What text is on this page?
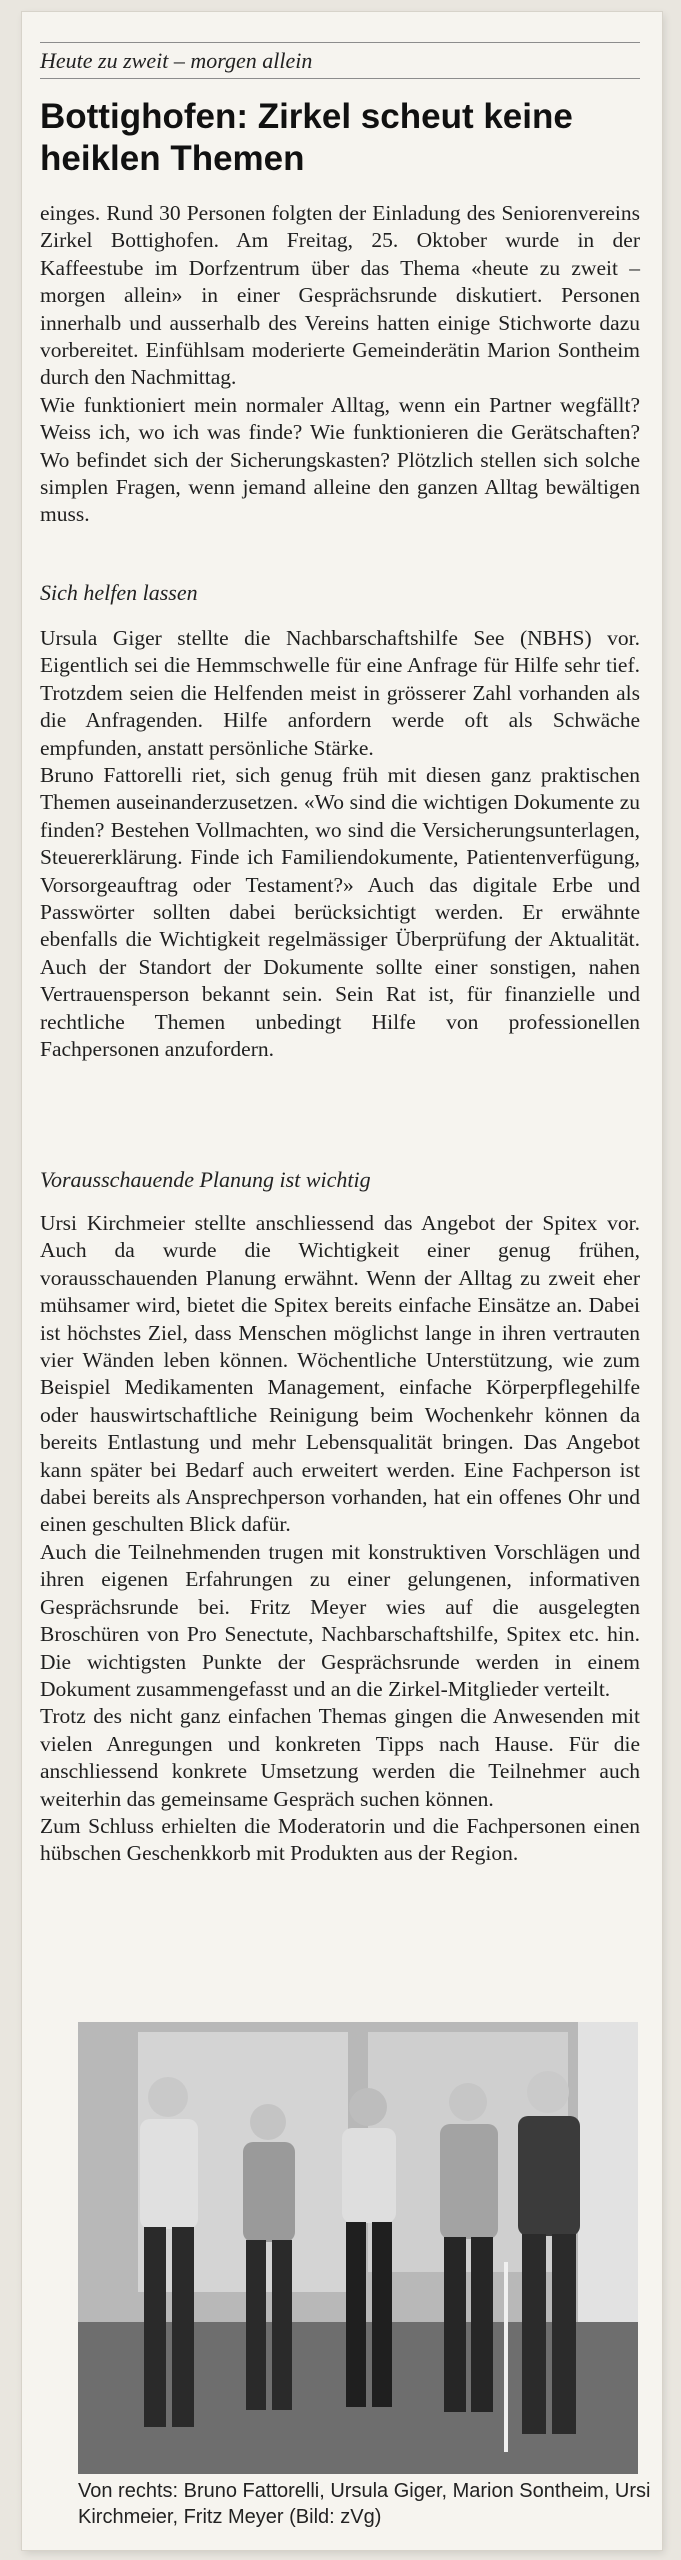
Heute zu zweit – morgen allein
Bottighofen: Zirkel scheut keine heiklen Themen

einges. Rund 30 Personen folgten der Einladung des Seniorenvereins Zirkel Bottighofen. Am Freitag, 25. Oktober wurde in der Kaffeestube im Dorfzentrum über das Thema «heute zu zweit – morgen allein» in einer Gesprächsrunde diskutiert. Personen innerhalb und ausserhalb des Vereins hatten einige Stichworte dazu vorbereitet. Einfühlsam moderierte Gemeinderätin Marion Sontheim durch den Nachmittag.

Wie funktioniert mein normaler Alltag, wenn ein Partner wegfällt? Weiss ich, wo ich was finde? Wie funktionieren die Gerätschaften? Wo befindet sich der Sicherungskasten? Plötzlich stellen sich solche simplen Fragen, wenn jemand alleine den ganzen Alltag bewältigen muss.

Sich helfen lassen

Ursula Giger stellte die Nachbarschaftshilfe See (NBHS) vor. Eigentlich sei die Hemmschwelle für eine Anfrage für Hilfe sehr tief. Trotzdem seien die Helfenden meist in grösserer Zahl vorhanden als die Anfragenden. Hilfe anfordern werde oft als Schwäche empfunden, anstatt persönliche Stärke.

Bruno Fattorelli riet, sich genug früh mit diesen ganz praktischen Themen auseinanderzusetzen. «Wo sind die wichtigen Dokumente zu finden? Bestehen Vollmachten, wo sind die Versicherungsunterlagen, Steuererklärung. Finde ich Familiendokumente, Patientenverfügung, Vorsorgeauftrag oder Testament?» Auch das digitale Erbe und Passwörter sollten dabei berücksichtigt werden. Er erwähnte ebenfalls die Wichtigkeit regelmässiger Überprüfung der Aktualität. Auch der Standort der Dokumente sollte einer sonstigen, nahen Vertrauensperson bekannt sein. Sein Rat ist, für finanzielle und rechtliche Themen unbedingt Hilfe von professionellen Fachpersonen anzufordern.

Vorausschauende Planung ist wichtig

Ursi Kirchmeier stellte anschliessend das Angebot der Spitex vor. Auch da wurde die Wichtigkeit einer genug frühen, vorausschauenden Planung erwähnt. Wenn der Alltag zu zweit eher mühsamer wird, bietet die Spitex bereits einfache Einsätze an. Dabei ist höchstes Ziel, dass Menschen möglichst lange in ihren vertrauten vier Wänden leben können. Wöchentliche Unterstützung, wie zum Beispiel Medikamenten Management, einfache Körperpflegehilfe oder hauswirtschaftliche Reinigung beim Wochenkehr können da bereits Entlastung und mehr Lebensqualität bringen. Das Angebot kann später bei Bedarf auch erweitert werden. Eine Fachperson ist dabei bereits als Ansprechperson vorhanden, hat ein offenes Ohr und einen geschulten Blick dafür.

Auch die Teilnehmenden trugen mit konstruktiven Vorschlägen und ihren eigenen Erfahrungen zu einer gelungenen, informativen Gesprächsrunde bei. Fritz Meyer wies auf die ausgelegten Broschüren von Pro Senectute, Nachbarschaftshilfe, Spitex etc. hin. Die wichtigsten Punkte der Gesprächsrunde werden in einem Dokument zusammengefasst und an die Zirkel-Mitglieder verteilt.

Trotz des nicht ganz einfachen Themas gingen die Anwesenden mit vielen Anregungen und konkreten Tipps nach Hause. Für die anschliessend konkrete Umsetzung werden die Teilnehmer auch weiterhin das gemeinsame Gespräch suchen können.

Zum Schluss erhielten die Moderatorin und die Fachpersonen einen hübschen Geschenkkorb mit Produkten aus der Region.

Von rechts: Bruno Fattorelli, Ursula Giger, Marion Sontheim, Ursi Kirchmeier, Fritz Meyer (Bild: zVg)
